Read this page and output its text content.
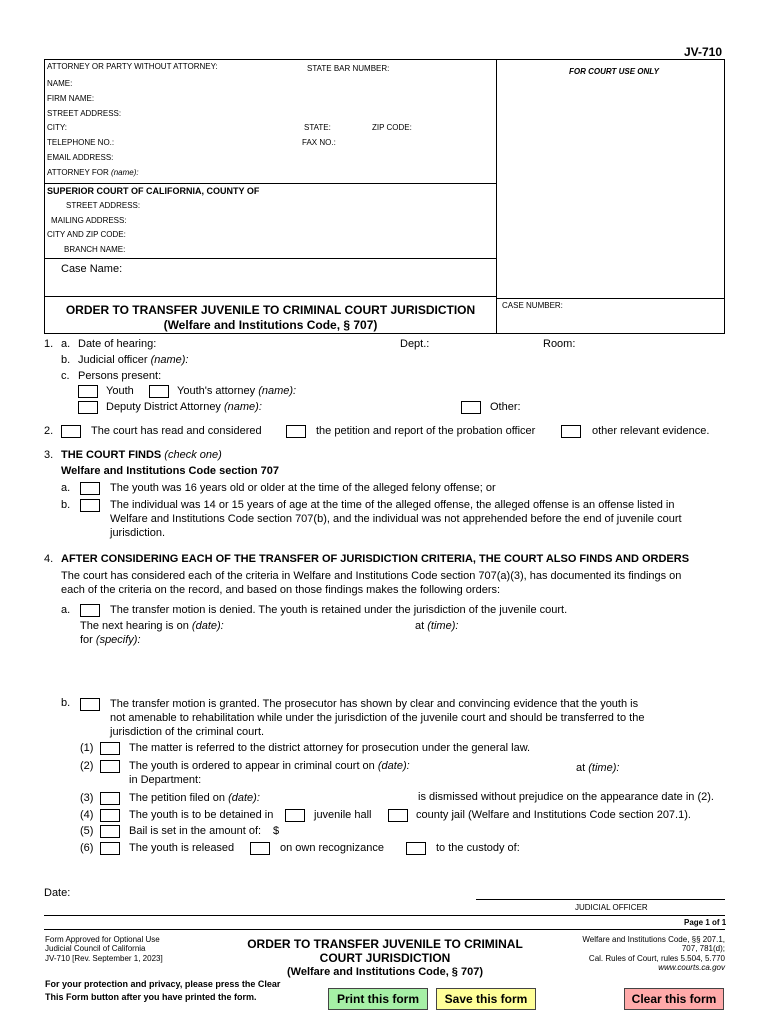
JV-710
ATTORNEY OR PARTY WITHOUT ATTORNEY:	STATE BAR NUMBER:	FOR COURT USE ONLY
NAME:
FIRM NAME:
STREET ADDRESS:
CITY:	STATE:	ZIP CODE:
TELEPHONE NO.:	FAX NO.:
EMAIL ADDRESS:
ATTORNEY FOR (name):
SUPERIOR COURT OF CALIFORNIA, COUNTY OF
STREET ADDRESS:
MAILING ADDRESS:
CITY AND ZIP CODE:
BRANCH NAME:
Case Name:
CASE NUMBER:
ORDER TO TRANSFER JUVENILE TO CRIMINAL COURT JURISDICTION
(Welfare and Institutions Code, § 707)
1. a. Date of hearing:	Dept.:	Room:
b. Judicial officer (name):
c. Persons present:
Youth	Youth's attorney (name):
Deputy District Attorney (name):	Other:
2.	The court has read and considered	the petition and report of the probation officer	other relevant evidence.
3. THE COURT FINDS (check one)
Welfare and Institutions Code section 707
a.	The youth was 16 years old or older at the time of the alleged felony offense; or
b.	The individual was 14 or 15 years of age at the time of the alleged offense, the alleged offense is an offense listed in
Welfare and Institutions Code section 707(b), and the individual was not apprehended before the end of juvenile court
jurisdiction.
4. AFTER CONSIDERING EACH OF THE TRANSFER OF JURISDICTION CRITERIA, THE COURT ALSO FINDS AND ORDERS
The court has considered each of the criteria in Welfare and Institutions Code section 707(a)(3), has documented its findings on
each of the criteria on the record, and based on those findings makes the following orders:
a.	The transfer motion is denied. The youth is retained under the jurisdiction of the juvenile court.
The next hearing is on (date):	at (time):
for (specify):
b.	The transfer motion is granted. The prosecutor has shown by clear and convincing evidence that the youth is
not amenable to rehabilitation while under the jurisdiction of the juvenile court and should be transferred to the
jurisdiction of the criminal court.
(1)	The matter is referred to the district attorney for prosecution under the general law.
(2)	The youth is ordered to appear in criminal court on (date):	at (time):
in Department:
(3)	The petition filed on (date):	is dismissed without prejudice on the appearance date in (2).
(4)	The youth is to be detained in	juvenile hall	county jail (Welfare and Institutions Code section 207.1).
(5)	Bail is set in the amount of: $
(6)	The youth is released	on own recognizance	to the custody of:
Date:
JUDICIAL OFFICER
Page 1 of 1
Form Approved for Optional Use
Judicial Council of California
JV-710 [Rev. September 1, 2023]
ORDER TO TRANSFER JUVENILE TO CRIMINAL
COURT JURISDICTION
(Welfare and Institutions Code, § 707)
Welfare and Institutions Code, §§ 207.1,
707, 781(d);
Cal. Rules of Court, rules 5.504, 5.770
www.courts.ca.gov
For your protection and privacy, please press the Clear
This Form button after you have printed the form.	Print this form	Save this form	Clear this form
